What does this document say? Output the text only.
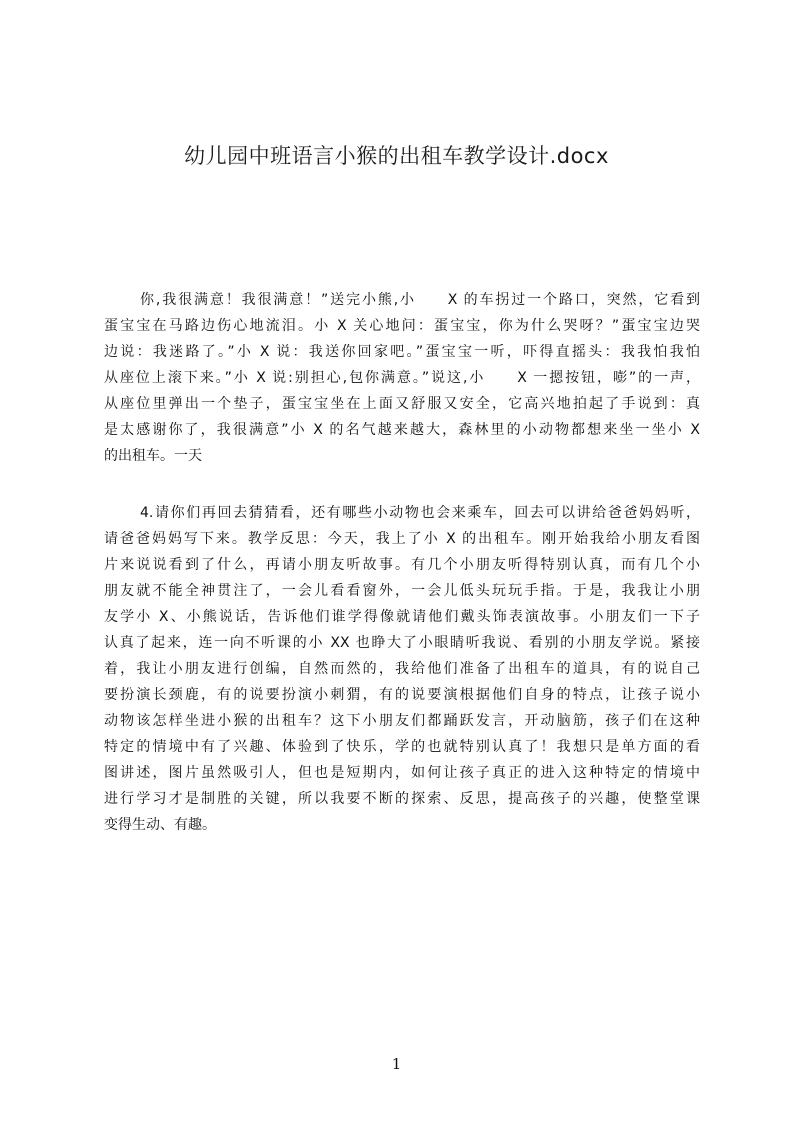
幼儿园中班语言小猴的出租车教学设计.docx
你,我很满意！我很满意！”送完小熊,小　　X 的车拐过一个路口，突然，它看到
蛋宝宝在马路边伤心地流泪。小 X 关心地问：蛋宝宝，你为什么哭呀？”蛋宝宝边哭
边说：我迷路了。”小 X 说：我送你回家吧。”蛋宝宝一听，吓得直摇头：我我怕我怕
从座位上滚下来。”小 X 说:别担心,包你满意。”说这,小　　X 一摁按钮，嘭”的一声，
从座位里弹出一个垫子，蛋宝宝坐在上面又舒服又安全，它高兴地拍起了手说到：真
是太感谢你了，我很满意”小 X 的名气越来越大，森林里的小动物都想来坐一坐小 X
的出租车。一天
4.请你们再回去猜猜看，还有哪些小动物也会来乘车，回去可以讲给爸爸妈妈听，
请爸爸妈妈写下来。教学反思：今天，我上了小 X 的出租车。刚开始我给小朋友看图
片来说说看到了什么，再请小朋友听故事。有几个小朋友听得特别认真，而有几个小
朋友就不能全神贯注了，一会儿看看窗外，一会儿低头玩玩手指。于是，我我让小朋
友学小 X、小熊说话，告诉他们谁学得像就请他们戴头饰表演故事。小朋友们一下子
认真了起来，连一向不听课的小 XX 也睁大了小眼睛听我说、看别的小朋友学说。紧接
着，我让小朋友进行创编，自然而然的，我给他们准备了出租车的道具，有的说自己
要扮演长颈鹿，有的说要扮演小刺猬，有的说要演根据他们自身的特点，让孩子说小
动物该怎样坐进小猴的出租车？这下小朋友们都踊跃发言，开动脑筋，孩子们在这种
特定的情境中有了兴趣、体验到了快乐，学的也就特别认真了！我想只是单方面的看
图讲述，图片虽然吸引人，但也是短期内，如何让孩子真正的进入这种特定的情境中
进行学习才是制胜的关键，所以我要不断的探索、反思，提高孩子的兴趣，使整堂课
变得生动、有趣。
1
